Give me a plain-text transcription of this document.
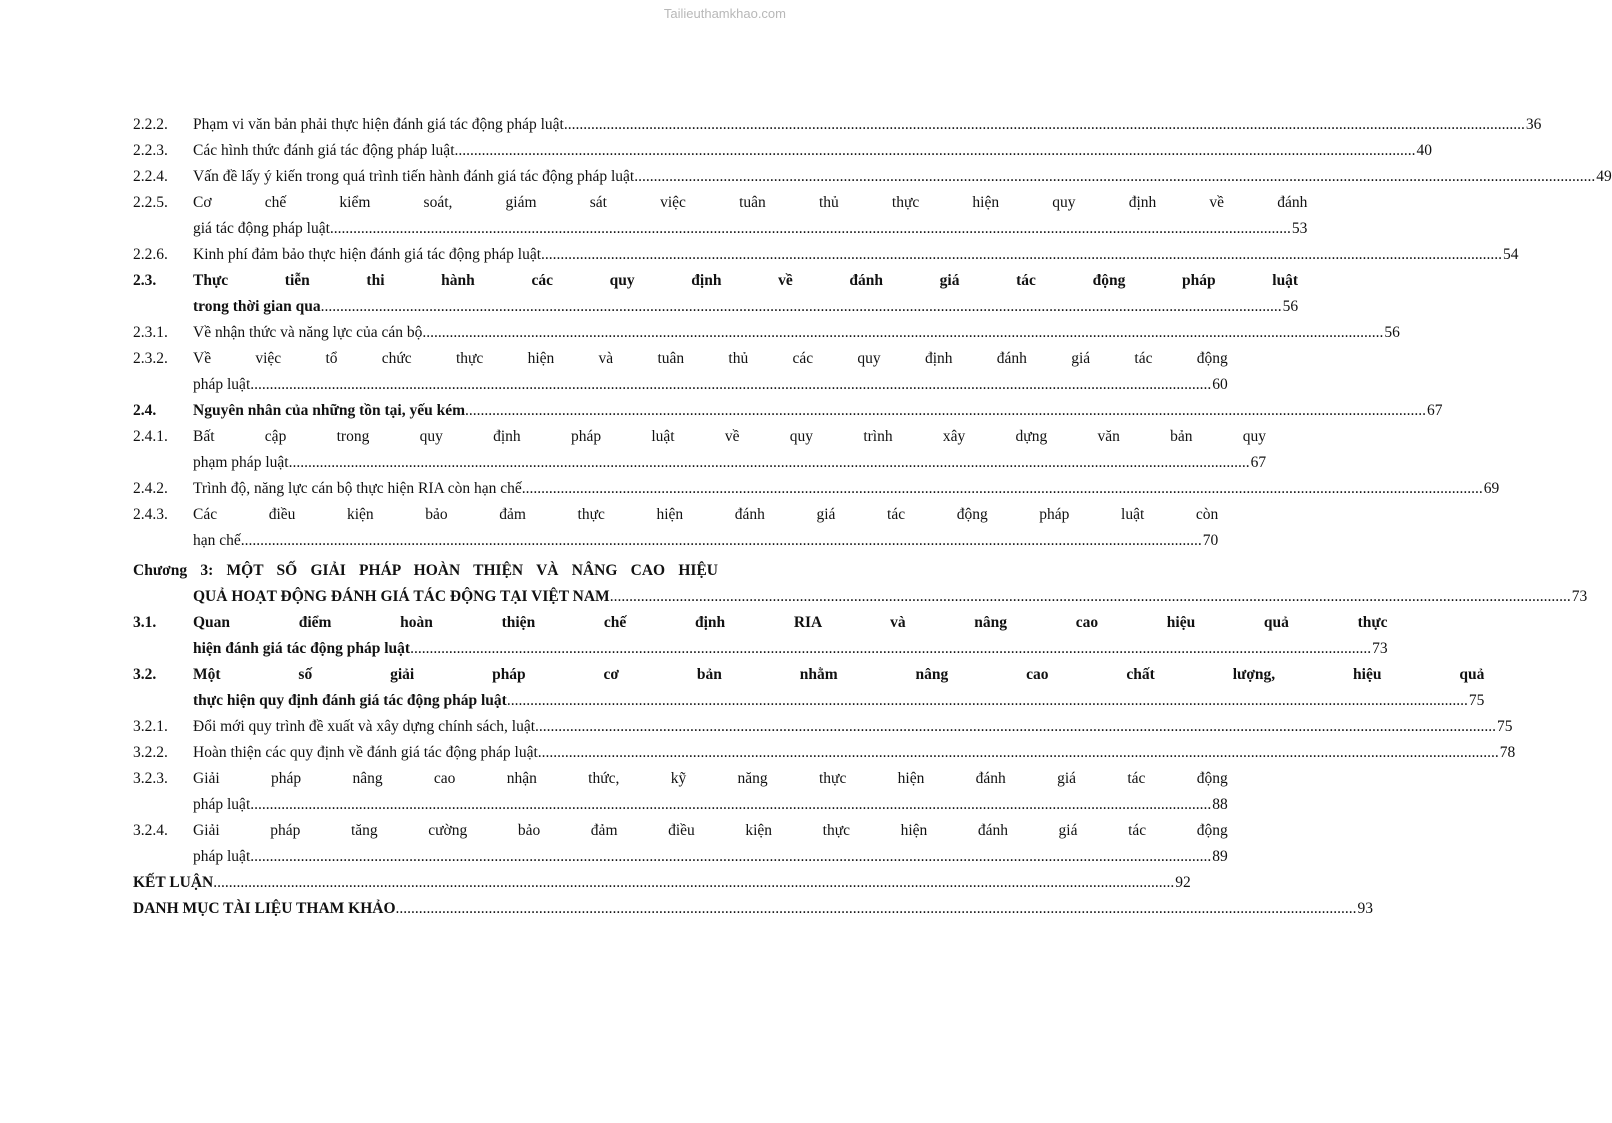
Tailieuthamkhao.com
2.2.2.	Phạm vi văn bản phải thực hiện đánh giá tác động pháp luật .....	36
2.2.3.	Các hình thức đánh giá tác động pháp luật .....	40
2.2.4.	Vấn đề lấy ý kiến trong quá trình tiến hành đánh giá tác động pháp luật .....	49
2.2.5.	Cơ chế kiểm soát, giám sát việc tuân thủ thực hiện quy định về đánh
giá tác động pháp luật .....	53
2.2.6.	Kinh phí đảm bảo thực hiện đánh giá tác động pháp luật .....	54
2.3.	Thực tiễn thi hành các quy định về đánh giá tác động pháp luật
trong thời gian qua .....	56
2.3.1.	Về nhận thức và năng lực của cán bộ .....	56
2.3.2.	Về việc tổ chức thực hiện và tuân thủ các quy định đánh giá tác động
pháp luật .....	60
2.4.	Nguyên nhân của những tồn tại, yếu kém .....	67
2.4.1.	Bất cập trong quy định pháp luật về quy trình xây dựng văn bản quy
phạm pháp luật .....	67
2.4.2.	Trình độ, năng lực cán bộ thực hiện RIA còn hạn chế .....	69
2.4.3.	Các điều kiện bảo đảm thực hiện đánh giá tác động pháp luật còn
hạn chế .....	70
Chương 3: MỘT SỐ GIẢI PHÁP HOÀN THIỆN VÀ NÂNG CAO HIỆU
QUẢ HOẠT ĐỘNG ĐÁNH GIÁ TÁC ĐỘNG TẠI VIỆT NAM .....	73
3.1.	Quan điểm hoàn thiện chế định RIA và nâng cao hiệu quả thực
hiện đánh giá tác động pháp luật .....	73
3.2.	Một số giải pháp cơ bản nhằm nâng cao chất lượng, hiệu quả
thực hiện quy định đánh giá tác động pháp luật .....	75
3.2.1.	Đổi mới quy trình đề xuất và xây dựng chính sách, luật .....	75
3.2.2.	Hoàn thiện các quy định về đánh giá tác động pháp luật .....	78
3.2.3.	Giải pháp nâng cao nhận thức, kỹ năng thực hiện đánh giá tác động
pháp luật .....	88
3.2.4.	Giải pháp tăng cường bảo đảm điều kiện thực hiện đánh giá tác động
pháp luật .....	89
KẾT LUẬN .....	92
DANH MỤC TÀI LIỆU THAM KHẢO .....	93
